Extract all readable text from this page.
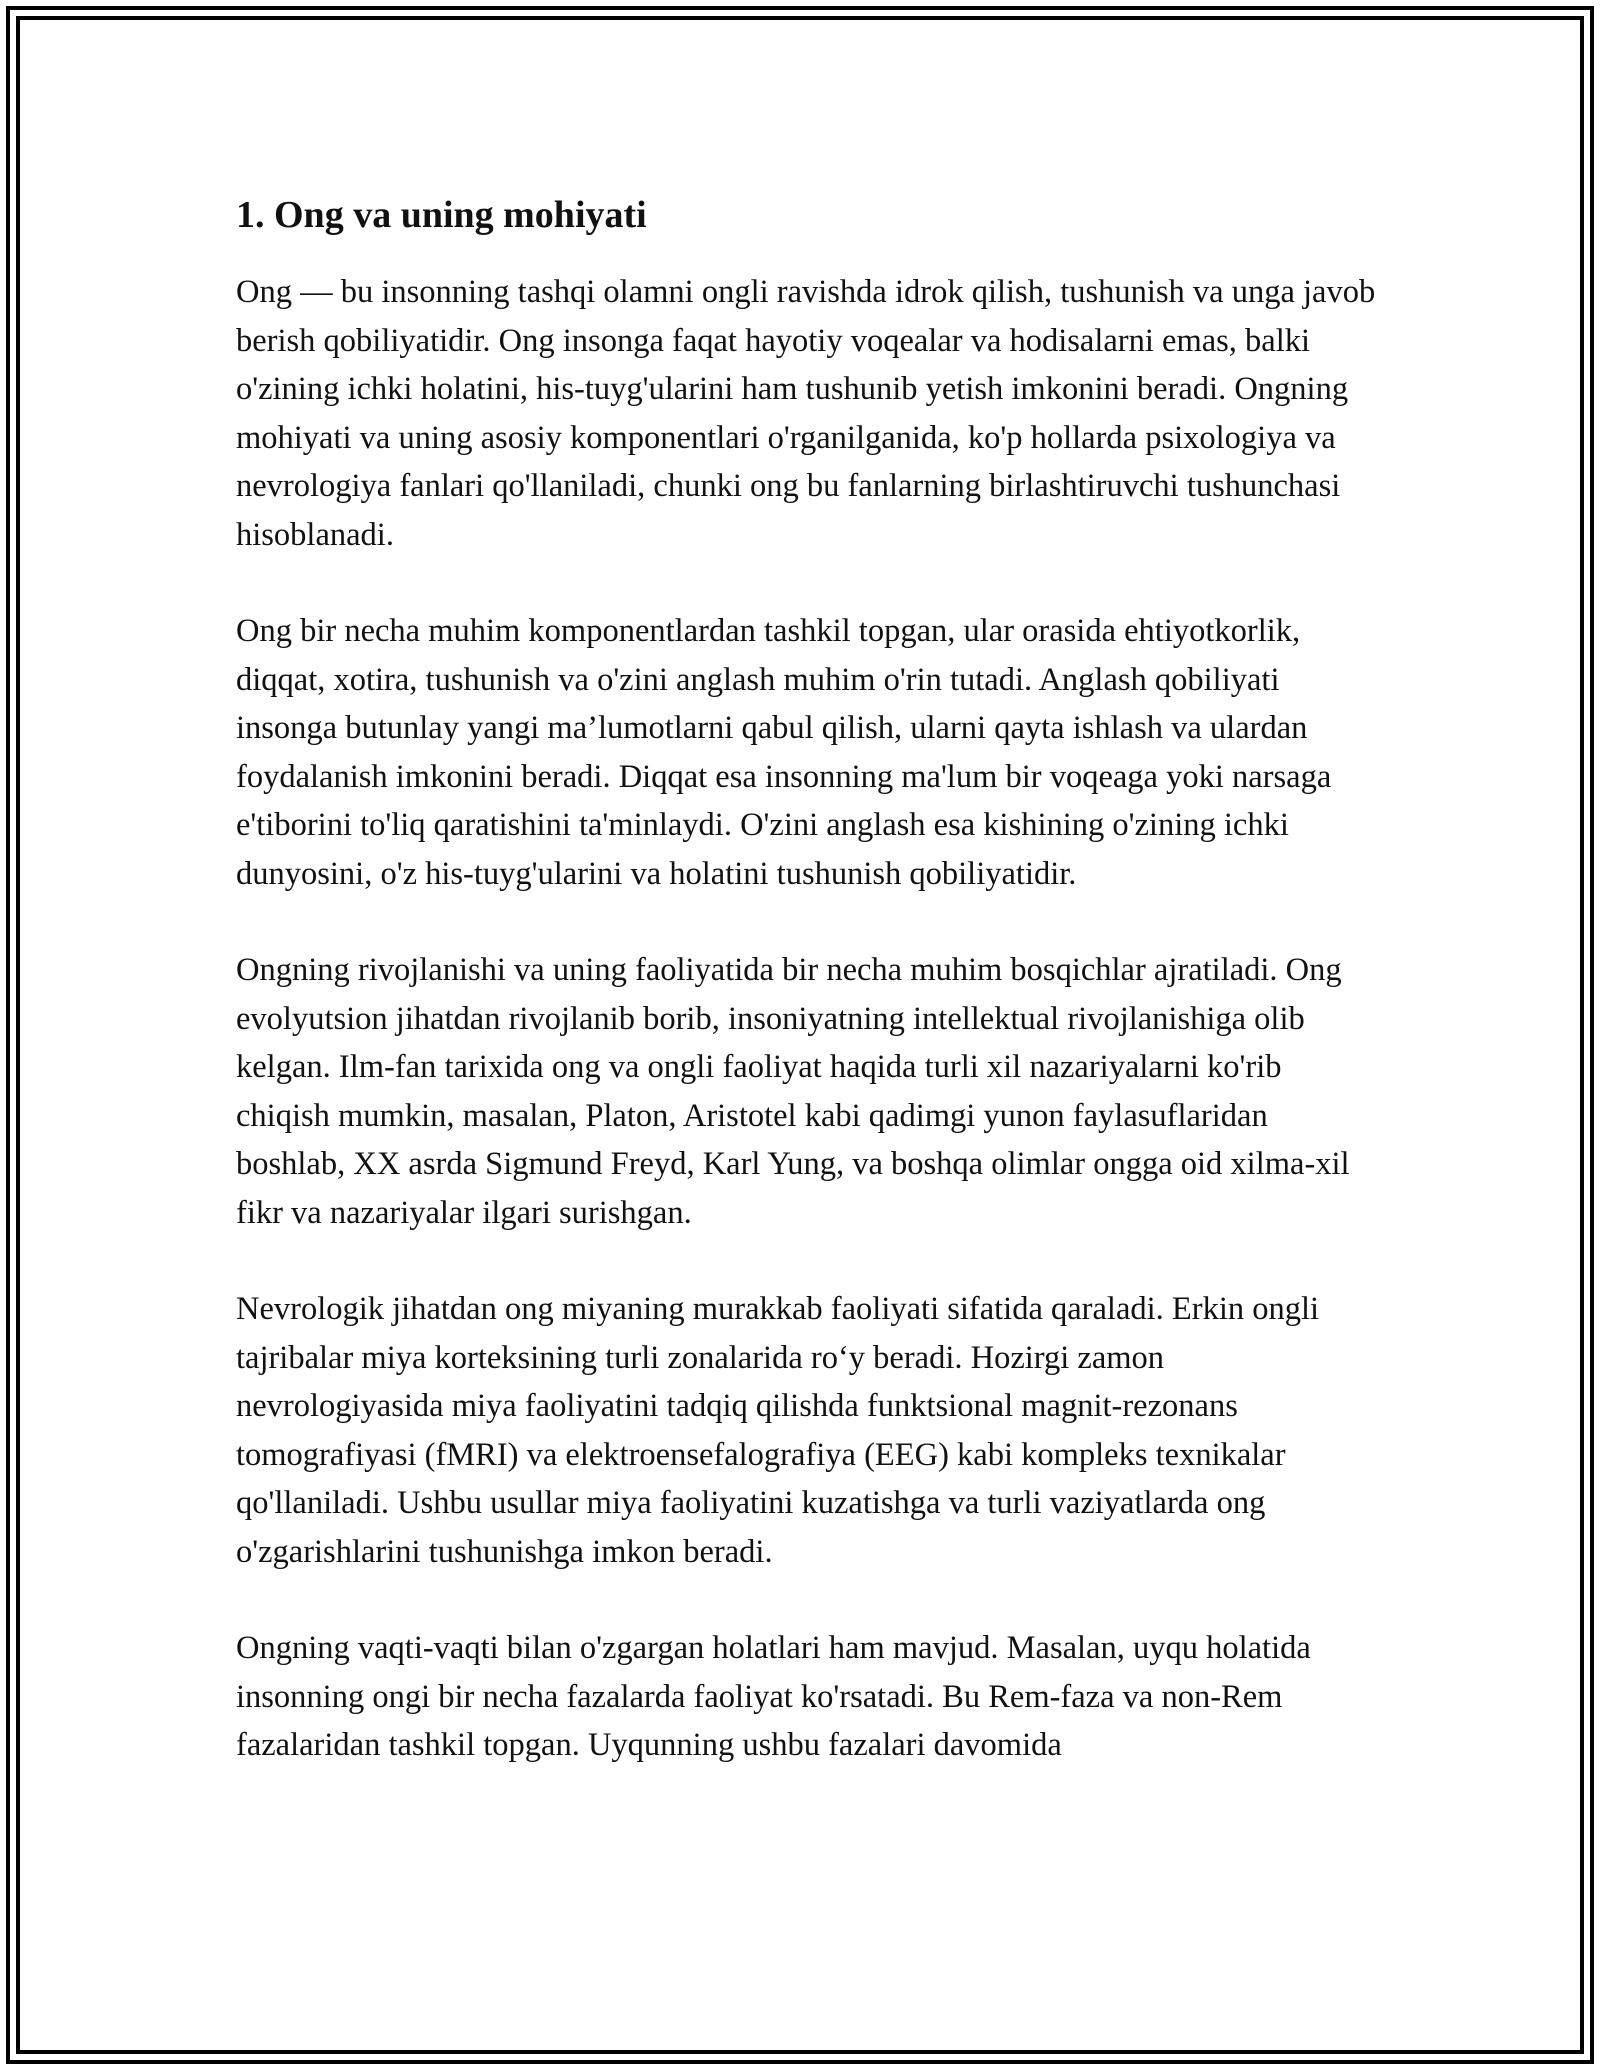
1. Ong va uning mohiyati

Ong — bu insonning tashqi olamni ongli ravishda idrok qilish, tushunish va unga javob berish qobiliyatidir. Ong insonga faqat hayotiy voqealar va hodisalarni emas, balki o'zining ichki holatini, his-tuyg'ularini ham tushunib yetish imkonini beradi. Ongning mohiyati va uning asosiy komponentlari o'rganilganida, ko'p hollarda psixologiya va nevrologiya fanlari qo'llaniladi, chunki ong bu fanlarning birlashtiruvchi tushunchasi hisoblanadi.

Ong bir necha muhim komponentlardan tashkil topgan, ular orasida ehtiyotkorlik, diqqat, xotira, tushunish va o'zini anglash muhim o'rin tutadi. Anglash qobiliyati insonga butunlay yangi ma’lumotlarni qabul qilish, ularni qayta ishlash va ulardan foydalanish imkonini beradi. Diqqat esa insonning ma'lum bir voqeaga yoki narsaga e'tiborini to'liq qaratishini ta'minlaydi. O'zini anglash esa kishining o'zining ichki dunyosini, o'z his-tuyg'ularini va holatini tushunish qobiliyatidir.

Ongning rivojlanishi va uning faoliyatida bir necha muhim bosqichlar ajratiladi. Ong evolyutsion jihatdan rivojlanib borib, insoniyatning intellektual rivojlanishiga olib kelgan. Ilm-fan tarixida ong va ongli faoliyat haqida turli xil nazariyalarni ko'rib chiqish mumkin, masalan, Platon, Aristotel kabi qadimgi yunon faylasuflaridan boshlab, XX asrda Sigmund Freyd, Karl Yung, va boshqa olimlar ongga oid xilma-xil fikr va nazariyalar ilgari surishgan.

Nevrologik jihatdan ong miyaning murakkab faoliyati sifatida qaraladi. Erkin ongli tajribalar miya korteksining turli zonalarida ro‘y beradi. Hozirgi zamon nevrologiyasida miya faoliyatini tadqiq qilishda funktsional magnit-rezonans tomografiyasi (fMRI) va elektroensefalografiya (EEG) kabi kompleks texnikalar qo'llaniladi. Ushbu usullar miya faoliyatini kuzatishga va turli vaziyatlarda ong o'zgarishlarini tushunishga imkon beradi.

Ongning vaqti-vaqti bilan o'zgargan holatlari ham mavjud. Masalan, uyqu holatida insonning ongi bir necha fazalarda faoliyat ko'rsatadi. Bu Rem-faza va non-Rem fazalaridan tashkil topgan. Uyqunning ushbu fazalari davomida
